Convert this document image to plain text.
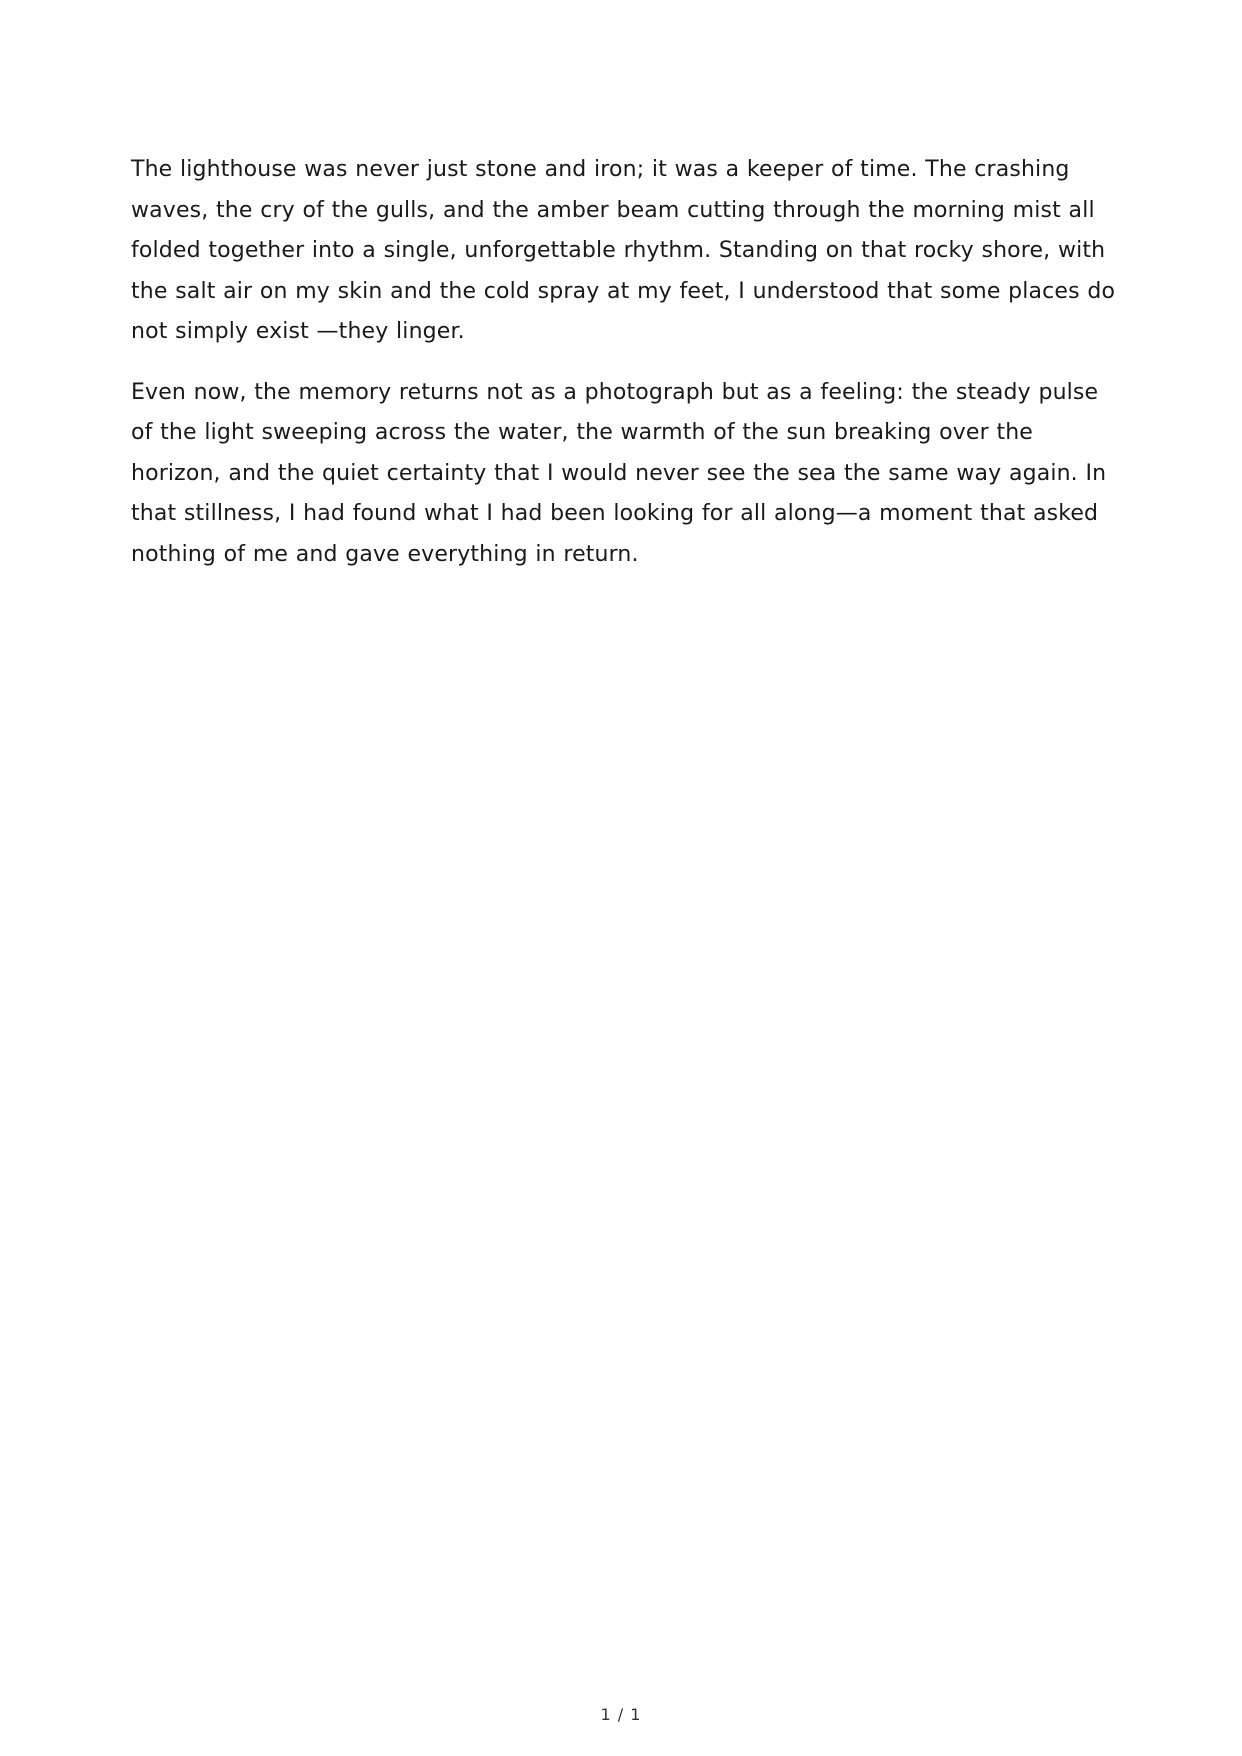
The lighthouse was never just stone and iron; it was a keeper of time. The crashing waves, the cry of the gulls, and the amber beam cutting through the morning mist all folded together into a single, unforgettable rhythm. Standing on that rocky shore, with the salt air on my skin and the cold spray at my feet, I understood that some places do not simply exist —they linger.

Even now, the memory returns not as a photograph but as a feeling: the steady pulse of the light sweeping across the water, the warmth of the sun breaking over the horizon, and the quiet certainty that I would never see the sea the same way again. In that stillness, I had found what I had been looking for all along—a moment that asked nothing of me and gave everything in return.

1 / 1
